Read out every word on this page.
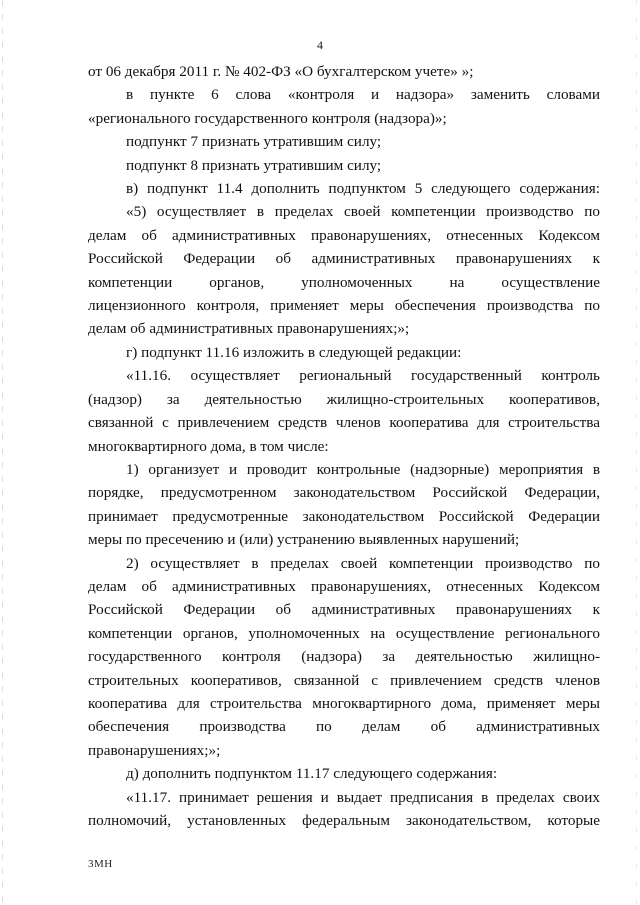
4
от 06 декабря 2011 г. № 402-ФЗ «О бухгалтерском учете» »;
в пункте 6 слова «контроля и надзора» заменить словами
«регионального государственного контроля (надзора)»;
подпункт 7 признать утратившим силу;
подпункт 8 признать утратившим силу;
в) подпункт 11.4 дополнить подпунктом 5 следующего содержания:
«5) осуществляет в пределах своей компетенции производство по
делам об административных правонарушениях, отнесенных Кодексом
Российской Федерации об административных правонарушениях к
компетенции органов, уполномоченных на осуществление
лицензионного контроля, применяет меры обеспечения производства по
делам об административных правонарушениях;»;
г) подпункт 11.16 изложить в следующей редакции:
«11.16. осуществляет региональный государственный контроль
(надзор) за деятельностью жилищно-строительных кооперативов,
связанной с привлечением средств членов кооператива для строительства
многоквартирного дома, в том числе:
1) организует и проводит контрольные (надзорные) мероприятия в
порядке, предусмотренном законодательством Российской Федерации,
принимает предусмотренные законодательством Российской Федерации
меры по пресечению и (или) устранению выявленных нарушений;
2) осуществляет в пределах своей компетенции производство по
делам об административных правонарушениях, отнесенных Кодексом
Российской Федерации об административных правонарушениях к
компетенции органов, уполномоченных на осуществление регионального
государственного контроля (надзора) за деятельностью жилищно-
строительных кооперативов, связанной с привлечением средств членов
кооператива для строительства многоквартирного дома, применяет меры
обеспечения производства по делам об административных
правонарушениях;»;
д) дополнить подпунктом 11.17 следующего содержания:
«11.17. принимает решения и выдает предписания в пределах своих
полномочий, установленных федеральным законодательством, которые
3МН
